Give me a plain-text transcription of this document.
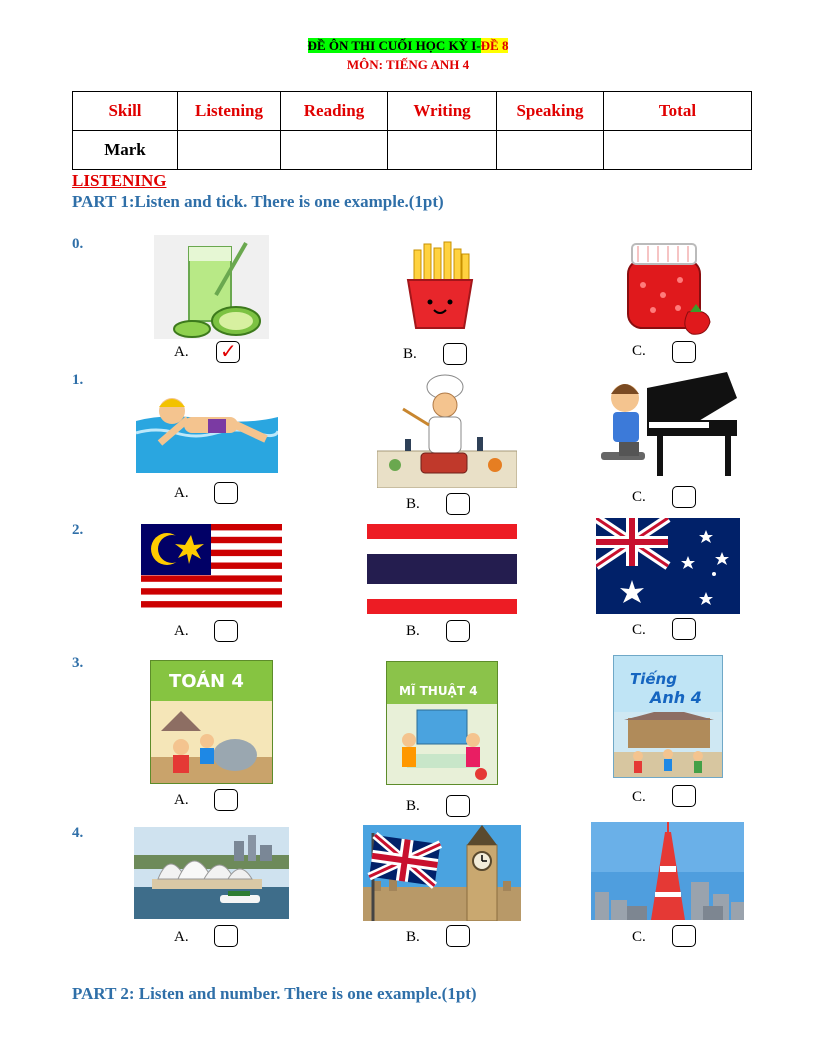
ĐỀ ÔN THI CUỐI HỌC KỲ I-ĐỀ 8
MÔN: TIẾNG ANH 4
Skill	Listening	Reading	Writing	Speaking	Total
Mark					
LISTENING
PART 1:Listen and tick. There is one example.(1pt)
0.
A. ✓	B.	C.
1.
A.
B.	C.
2.
A.	B.	C.
3.
TOÁN 4	MĨ THUẬT 4
Tiếng
Anh 4
A.	B.
C.
4.
A.	B.	C.
PART 2: Listen and number. There is one example.(1pt)
